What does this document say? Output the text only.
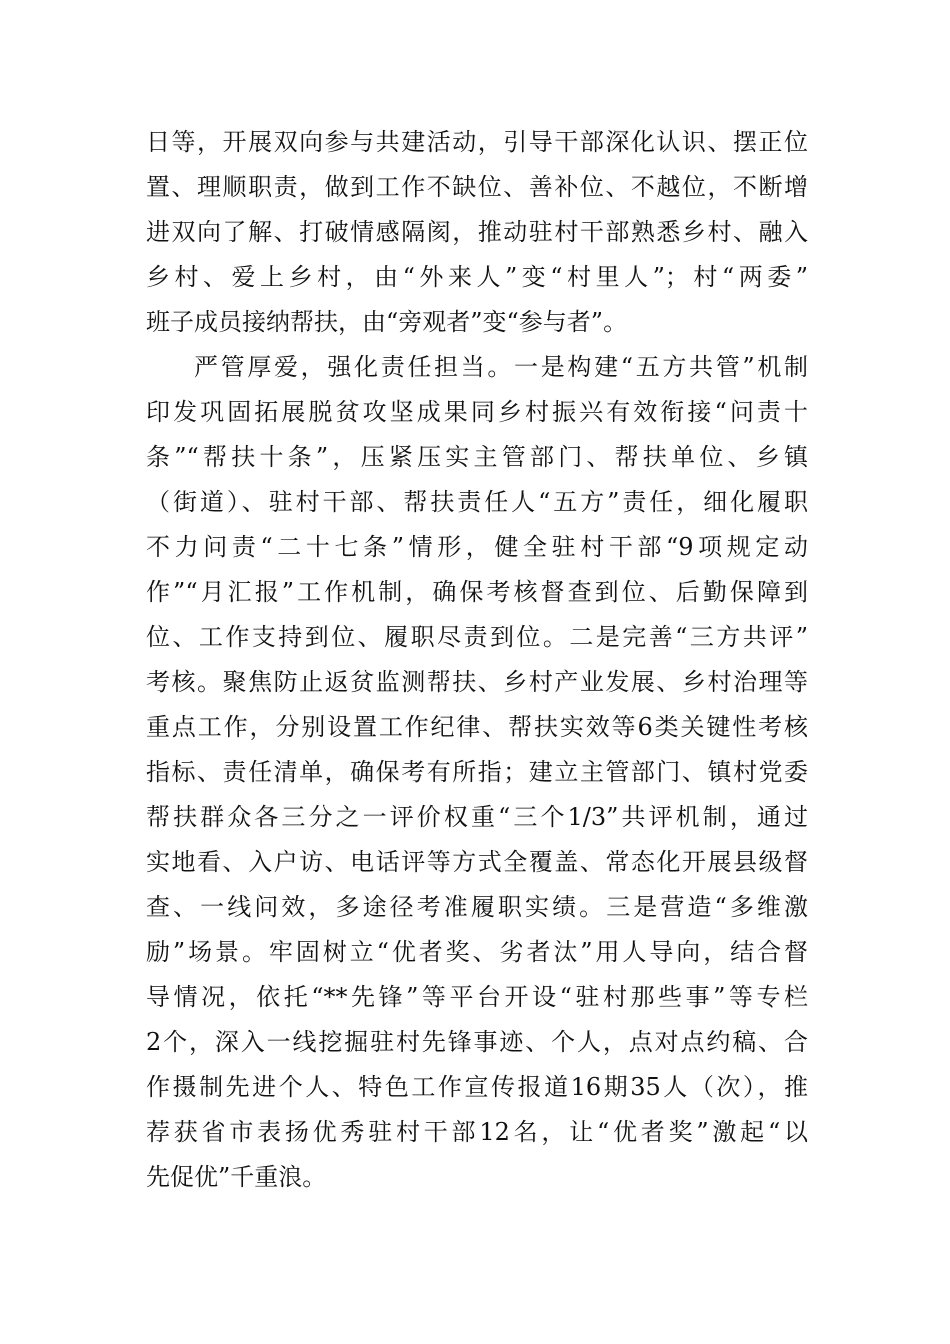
日等，开展双向参与共建活动，引导干部深化认识、摆正位
置、理顺职责，做到工作不缺位、善补位、不越位，不断增
进双向了解、打破情感隔阂，推动驻村干部熟悉乡村、融入
乡村、爱上乡村，由“外来人”变“村里人”；村“两委”
班子成员接纳帮扶，由“旁观者”变“参与者”。
严管厚爱，强化责任担当。一是构建“五方共管”机制
印发巩固拓展脱贫攻坚成果同乡村振兴有效衔接“问责十
条”“帮扶十条”，压紧压实主管部门、帮扶单位、乡镇
（街道）、驻村干部、帮扶责任人“五方”责任，细化履职
不力问责“二十七条”情形，健全驻村干部“9项规定动
作”“月汇报”工作机制，确保考核督查到位、后勤保障到
位、工作支持到位、履职尽责到位。二是完善“三方共评”
考核。聚焦防止返贫监测帮扶、乡村产业发展、乡村治理等
重点工作，分别设置工作纪律、帮扶实效等6类关键性考核
指标、责任清单，确保考有所指；建立主管部门、镇村党委
帮扶群众各三分之一评价权重“三个1/3”共评机制，通过
实地看、入户访、电话评等方式全覆盖、常态化开展县级督
查、一线问效，多途径考准履职实绩。三是营造“多维激
励”场景。牢固树立“优者奖、劣者汰”用人导向，结合督
导情况，依托“**先锋”等平台开设“驻村那些事”等专栏
2个，深入一线挖掘驻村先锋事迹、个人，点对点约稿、合
作摄制先进个人、特色工作宣传报道16期35人（次），推
荐获省市表扬优秀驻村干部12名，让“优者奖”激起“以
先促优”千重浪。
